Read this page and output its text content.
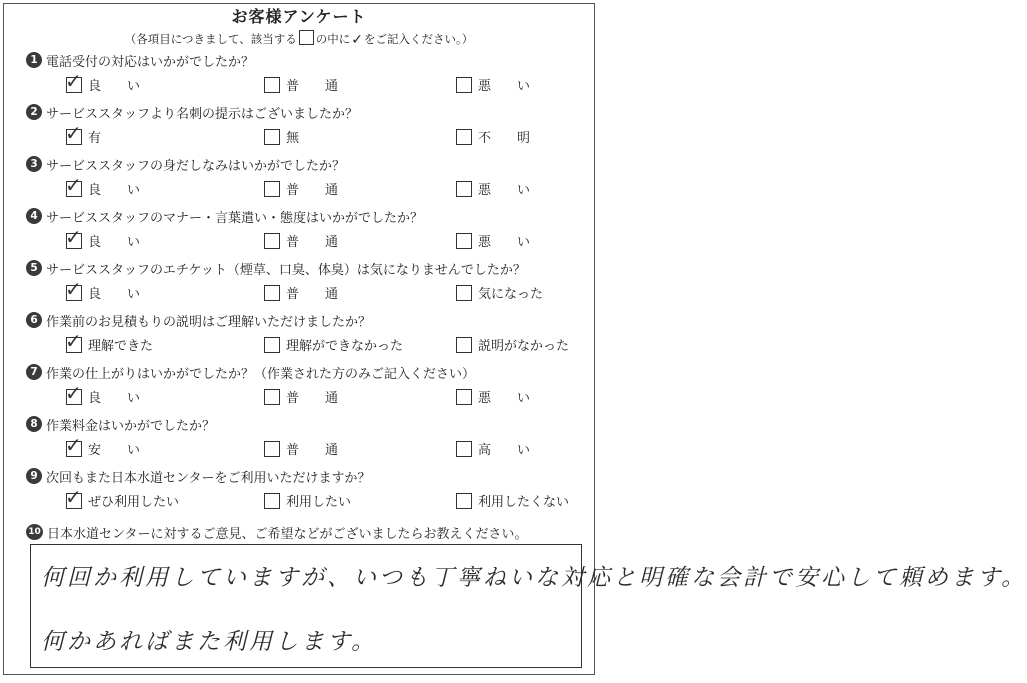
お客様アンケート
（各項目につきまして、該当する の中に✓をご記入ください。）
1 電話受付の対応はいかがでしたか？
✓ 良い	普通	悪い
2 サービススタッフより名刺の提示はございましたか？
✓ 有	無	不明
3 サービススタッフの身だしなみはいかがでしたか？
✓ 良い	普通	悪い
4 サービススタッフのマナー・言葉遣い・態度はいかがでしたか？
✓ 良い	普通	悪い
5 サービススタッフのエチケット（煙草、口臭、体臭）は気になりませんでしたか？
✓ 良い	普通	気になった
6 作業前のお見積もりの説明はご理解いただけましたか？
✓ 理解できた	理解ができなかった	説明がなかった
7 作業の仕上がりはいかがでしたか？（作業された方のみご記入ください）
✓ 良い	普通	悪い
8 作業料金はいかがでしたか？
✓ 安い	普通	高い
9 次回もまた日本水道センターをご利用いただけますか？
✓ ぜひ利用したい	利用したい	利用したくない
10 日本水道センターに対するご意見、ご希望などがございましたらお教えください。
何回か利用していますが、いつも丁寧ねいな対応と明確な会計で安心して頼めます。
何かあればまた利用します。
